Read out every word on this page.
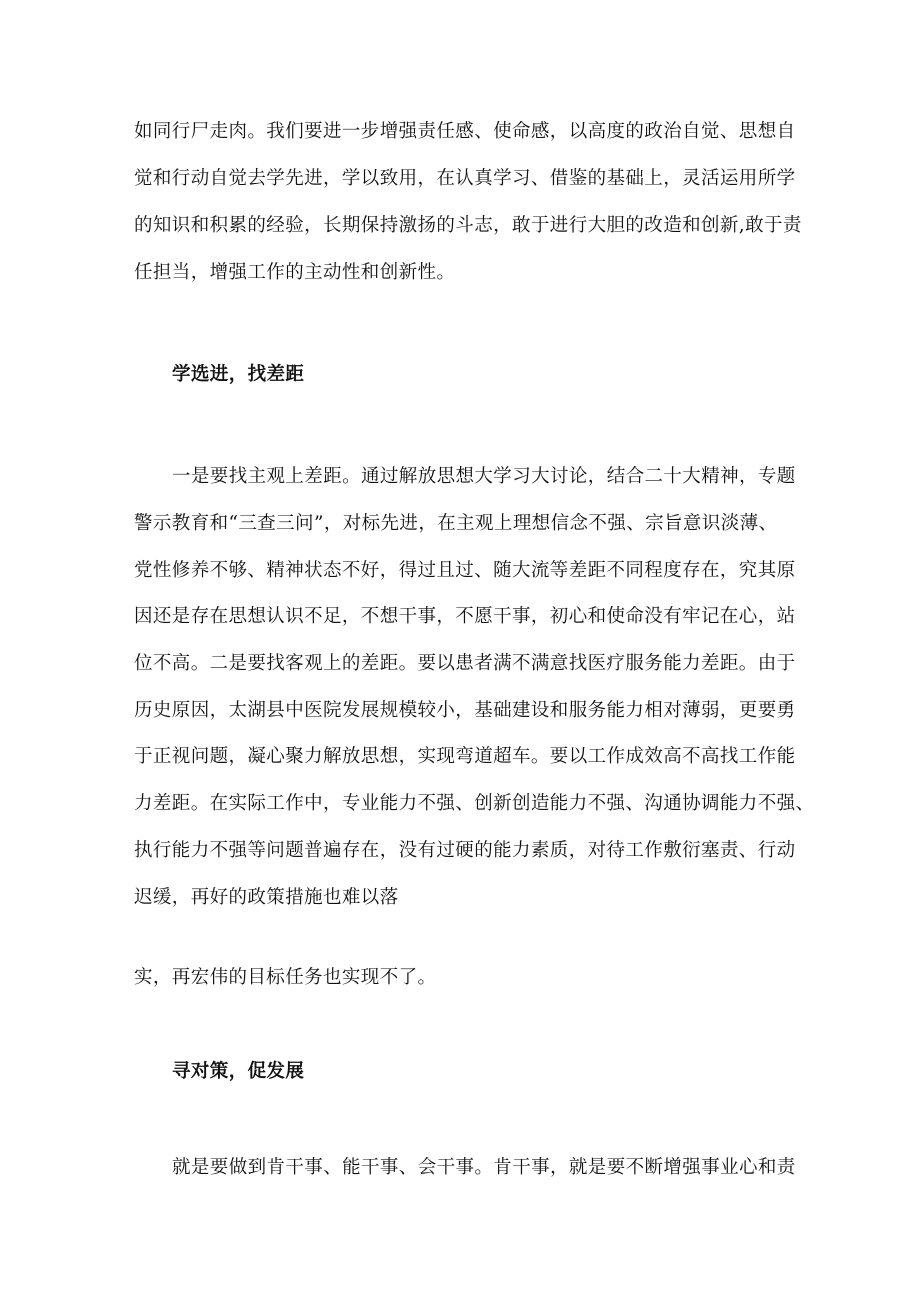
如同行尸走肉。我们要进一步增强责任感、使命感，以高度的政治自觉、思想自
觉和行动自觉去学先进，学以致用，在认真学习、借鉴的基础上，灵活运用所学
的知识和积累的经验，长期保持激扬的斗志，敢于进行大胆的改造和创新,敢于责
任担当，增强工作的主动性和创新性。
学选进，找差距
一是要找主观上差距。通过解放思想大学习大讨论，结合二十大精神，专题
警示教育和“三查三问”，对标先进，在主观上理想信念不强、宗旨意识淡薄、
党性修养不够、精神状态不好，得过且过、随大流等差距不同程度存在，究其原
因还是存在思想认识不足，不想干事，不愿干事，初心和使命没有牢记在心，站
位不高。二是要找客观上的差距。要以患者满不满意找医疗服务能力差距。由于
历史原因，太湖县中医院发展规模较小，基础建设和服务能力相对薄弱，更要勇
于正视问题，凝心聚力解放思想，实现弯道超车。要以工作成效高不高找工作能
力差距。在实际工作中，专业能力不强、创新创造能力不强、沟通协调能力不强、
执行能力不强等问题普遍存在，没有过硬的能力素质，对待工作敷衍塞责、行动
迟缓，再好的政策措施也难以落
实，再宏伟的目标任务也实现不了。
寻对策，促发展
就是要做到肯干事、能干事、会干事。肯干事，就是要不断增强事业心和责
